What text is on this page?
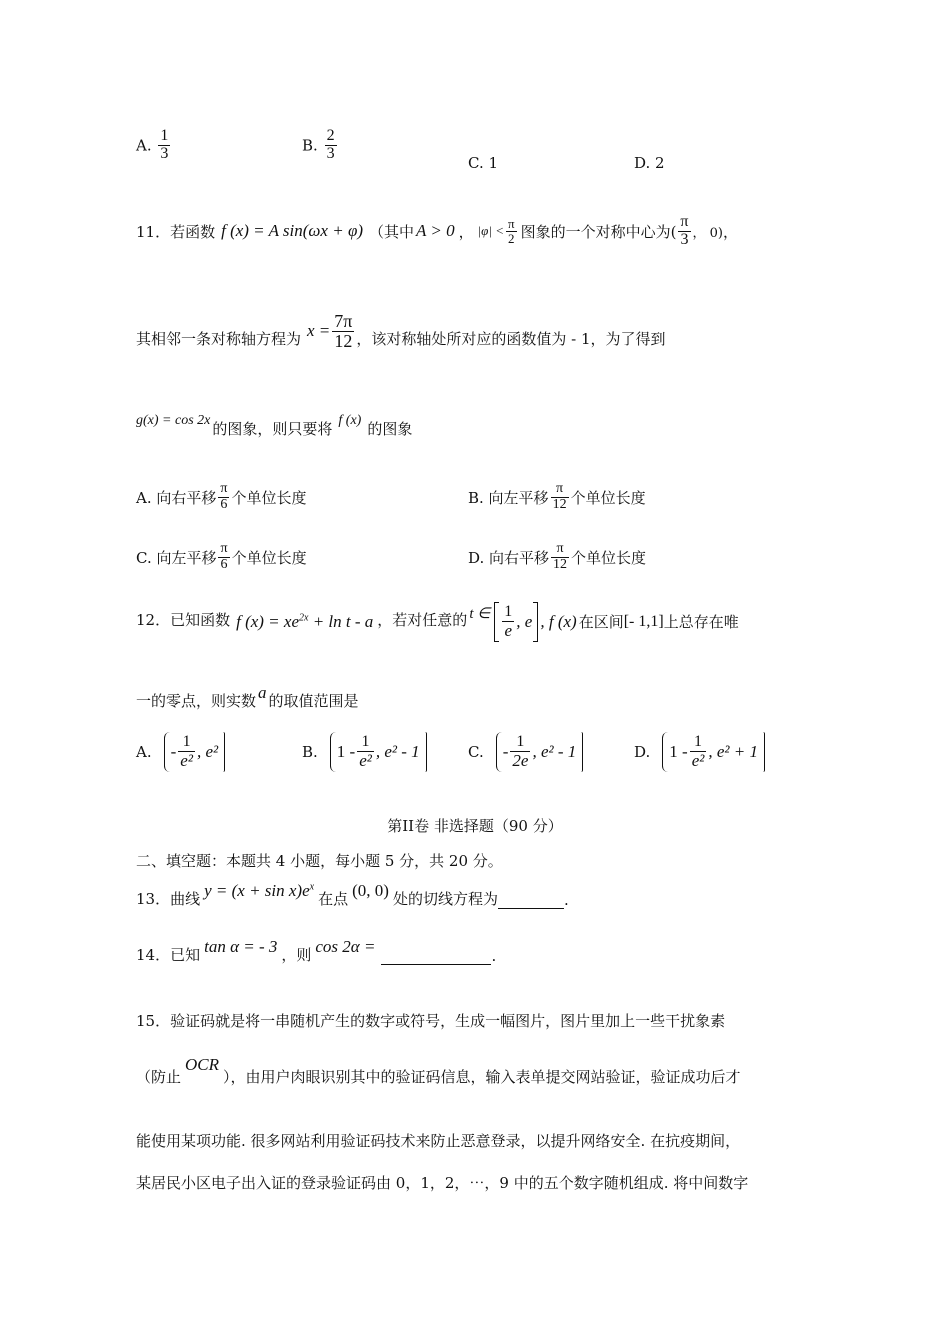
A. $\frac{1}{3}$	B. $\frac{2}{3}$
C. 1	D. 2
11．若函数 f (x) = A sin(ωx + φ) （其中 A > 0 ， $|\varphi| < \frac{\pi}{2}$ 图象的一个对称中心为( $\frac{\pi}{3}$ ， 0) ，
其相邻一条对称轴方程为 $x = \frac{7\pi}{12}$ ，该对称轴处所对应的函数值为 - 1，为了得到
g(x) = cos 2x 的图象，则只要将 f (x) 的图象
A. 向右平移 $\frac{\pi}{6}$ 个单位长度	B. 向左平移 $\frac{\pi}{12}$ 个单位长度
C. 向左平移 $\frac{\pi}{6}$ 个单位长度	D. 向右平移 $\frac{\pi}{12}$ 个单位长度
12．已知函数 f $(x) = xe^{2x} + \ln t - a$ ，若对任意的 t ∈ $\frac{1}{e}$ , e , f (x) 在区间 [- 1,1] 上总存在唯
一的零点，则实数 a 的取值范围是
A. - $\frac{1}{\text{e²}}$ , e²	B. $1 - \frac{1}{\text{e²}}$ , e² - 1	C. - $\frac{1}{2e}$ , e² - 1	D. $1 - \frac{1}{\text{e²}}$ , e² + 1
第II卷 非选择题（90 分）
二、填空题：本题共 4 小题，每小题 5 分，共 20 分。
13．曲线 $y = (x + \sin x)e^x$
在点 (0, 0) 处的切线方程为	.
14．已知 tan α = - 3 ，则 cos 2α =	.
15．验证码就是将一串随机产生的数字或符号，生成一幅图片，图片里加上一些干扰象素
（防止
OCR
），由用户肉眼识别其中的验证码信息，输入表单提交网站验证，验证成功后才
能使用某项功能. 很多网站利用验证码技术来防止恶意登录，以提升网络安全. 在抗疫期间，
某居民小区电子出入证的登录验证码由 0，1，2，⋯，9 中的五个数字随机组成. 将中间数字
